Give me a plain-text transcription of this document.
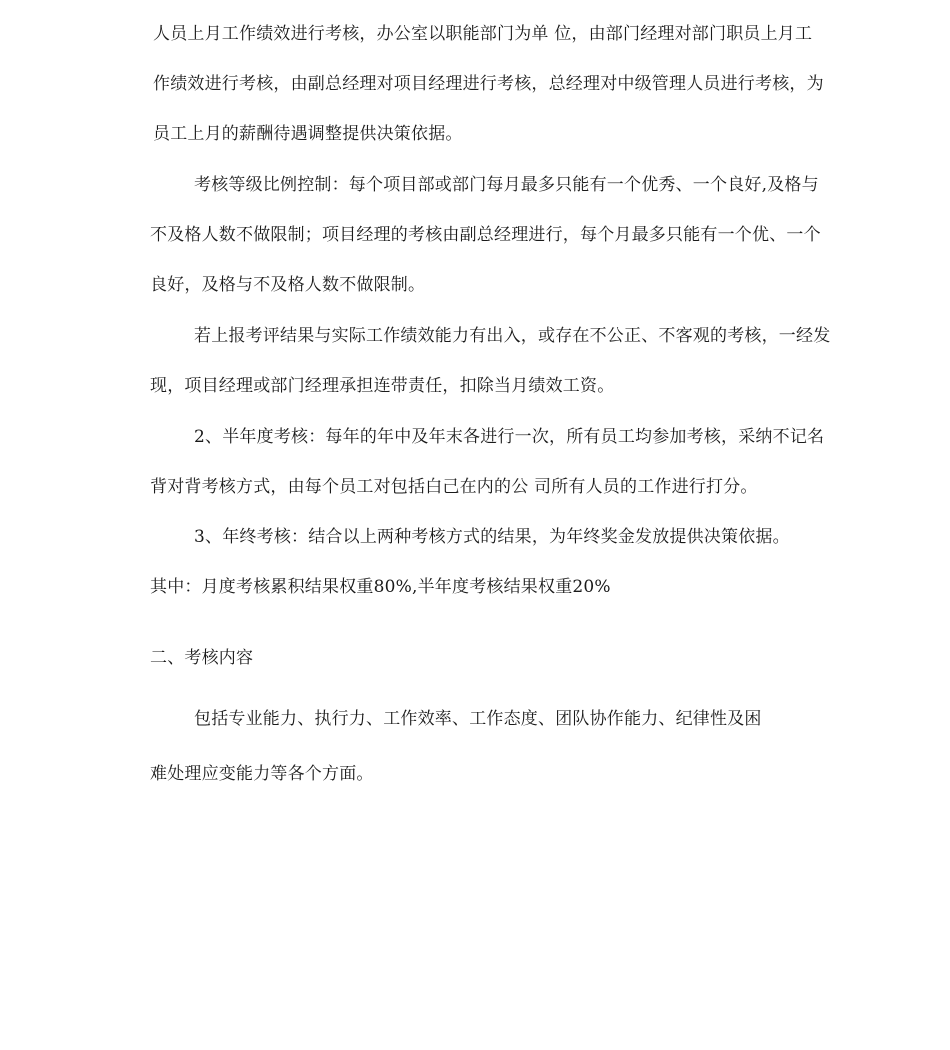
人员上月工作绩效进行考核，办公室以职能部门为单 位，由部门经理对部门职员上月工
作绩效进行考核，由副总经理对项目经理进行考核，总经理对中级管理人员进行考核，为
员工上月的薪酬待遇调整提供决策依据。
考核等级比例控制：每个项目部或部门每月最多只能有一个优秀、一个良好,及格与
不及格人数不做限制；项目经理的考核由副总经理进行，每个月最多只能有一个优、一个
良好，及格与不及格人数不做限制。
若上报考评结果与实际工作绩效能力有出入，或存在不公正、不客观的考核，一经发
现，项目经理或部门经理承担连带责任，扣除当月绩效工资。
2、半年度考核：每年的年中及年末各进行一次，所有员工均参加考核，采纳不记名
背对背考核方式，由每个员工对包括白己在内的公 司所有人员的工作进行打分。
3、年终考核：结合以上两种考核方式的结果，为年终奖金发放提供决策依据。
其中：月度考核累积结果权重80%,半年度考核结果权重20%
二、考核内容
包括专业能力、执行力、工作效率、工作态度、团队协作能力、纪律性及困
难处理应变能力等各个方面。
